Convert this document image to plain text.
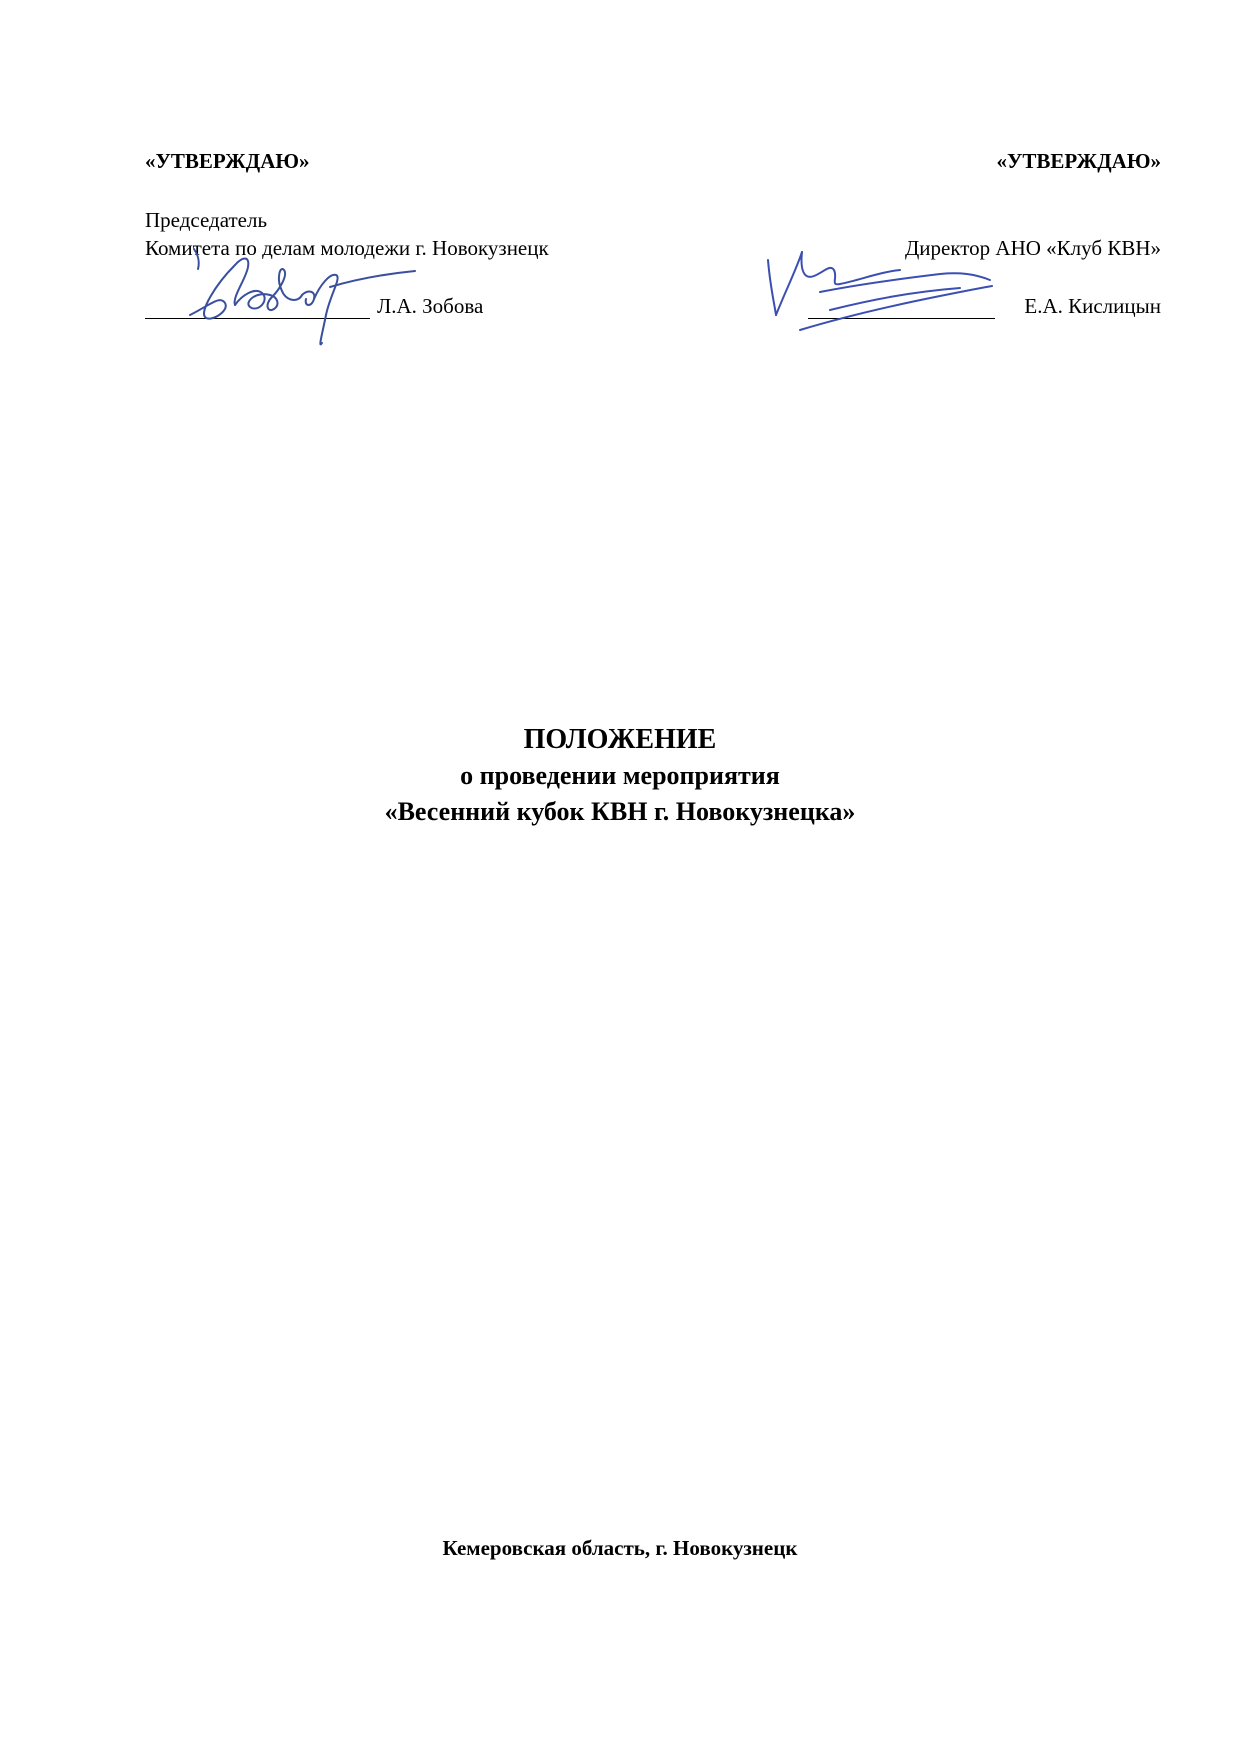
«УТВЕРЖДАЮ»
Председатель
Комитета по делам молодежи г. Новокузнецк
Л.А. Зобова
«УТВЕРЖДАЮ»
Директор АНО «Клуб КВН»
Е.А. Кислицын
ПОЛОЖЕНИЕ
о проведении мероприятия
«Весенний кубок КВН г. Новокузнецка»
Кемеровская область, г. Новокузнецк
